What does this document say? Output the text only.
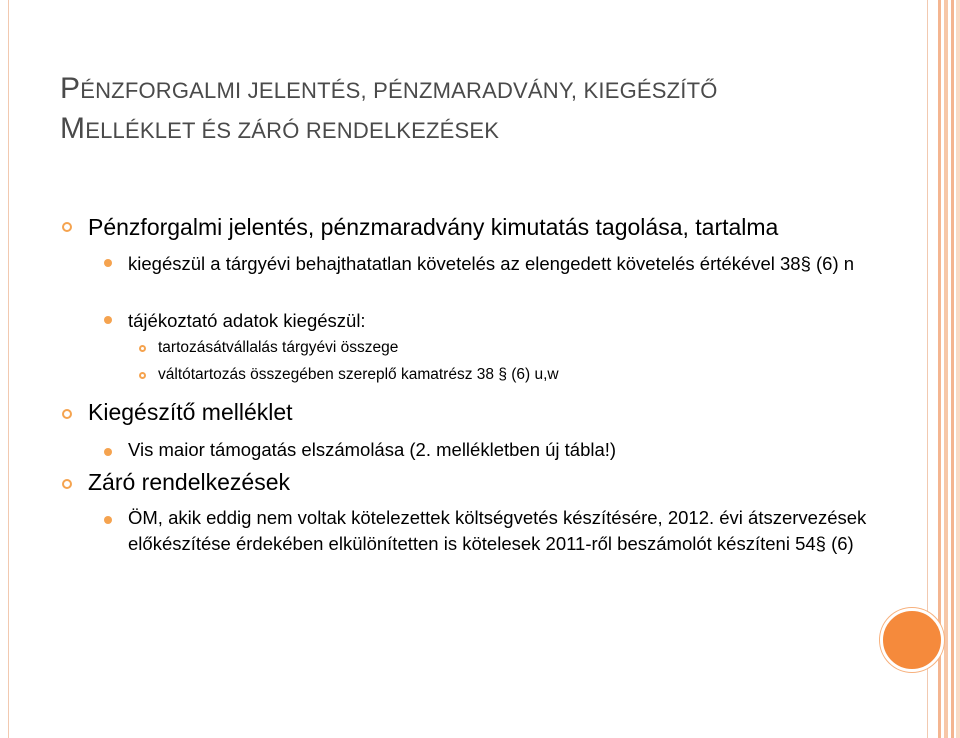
PÉNZFORGALMI JELENTÉS, PÉNZMARADVÁNY, KIEGÉSZÍTŐ
MELLÉKLET ÉS ZÁRÓ RENDELKEZÉSEK
Pénzforgalmi jelentés, pénzmaradvány kimutatás tagolása, tartalma
kiegészül a tárgyévi behajthatatlan követelés az elengedett követelés értékével 38§ (6) n
tájékoztató adatok kiegészül:
tartozásátvállalás tárgyévi összege
váltótartozás összegében szereplő kamatrész 38 § (6) u,w
Kiegészítő melléklet
Vis maior támogatás elszámolása (2. mellékletben új tábla!)
Záró rendelkezések
ÖM, akik eddig nem voltak kötelezettek költségvetés készítésére, 2012. évi átszervezések előkészítése érdekében elkülönítetten is kötelesek 2011-ről beszámolót készíteni 54§ (6)
